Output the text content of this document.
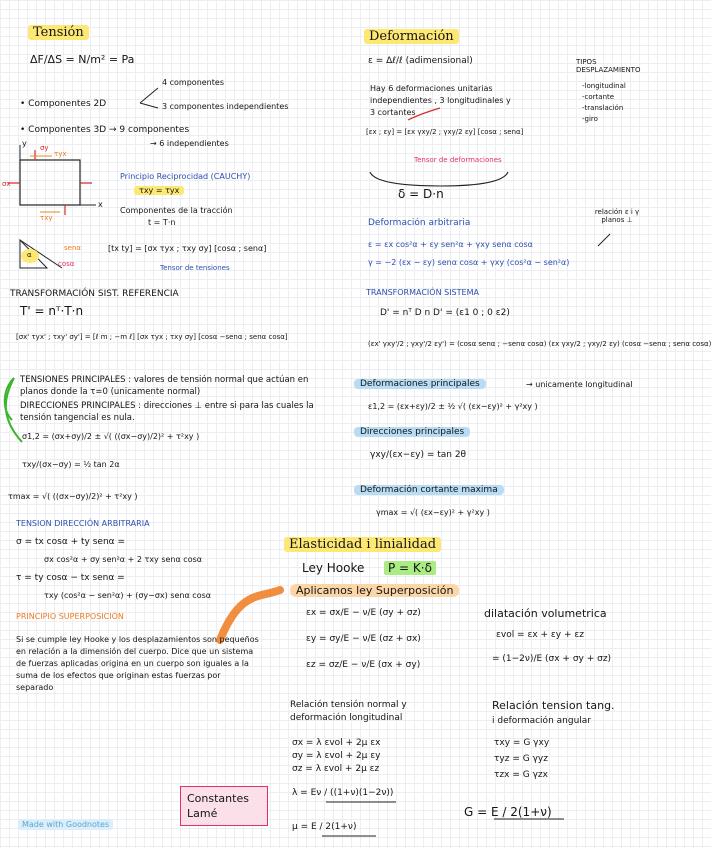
Tensión
ΔF/ΔS = N/m² = Pa
• Componentes 2D
4 componentes
3 componentes independientes
• Componentes 3D → 9 componentes
→ 6 independientes
σx
σy
τyx
τxy
x
y
Principio Reciprocidad (CAUCHY)
τxy = τyx
Componentes de la tracción
t = T·n
[tx ty] = [σx τyx ; τxy σy] [cosα ; senα]
Tensor de tensiones
senα
cosα
α
TRANSFORMACIÓN SIST. REFERENCIA
T' = nᵀ·T·n
[σx' τyx' ; τxy' σy'] = [ℓ m ; −m ℓ] [σx τyx ; τxy σy] [cosα −senα ; senα cosα]
TENSIONES PRINCIPALES : valores de tensión normal que actúan en planos donde la τ=0 (unicamente normal)
DIRECCIONES PRINCIPALES : direcciones ⊥ entre si para las cuales la tensión tangencial es nula.
σ1,2 = (σx+σy)/2 ± √( ((σx−σy)/2)² + τ²xy )
τxy/(σx−σy) = ½ tan 2α
τmax = √( ((σx−σy)/2)² + τ²xy )
TENSION DIRECCIÓN ARBITRARIA
σ = tx cosα + ty senα =
σx cos²α + σy sen²α + 2 τxy senα cosα
τ = ty cosα − tx senα =
τxy (cos²α − sen²α) + (σy−σx) senα cosα
PRINCIPIO SUPERPOSICIÓN
Si se cumple ley Hooke y los desplazamientos son pequeños en relación a la dimensión del cuerpo. Dice que un sistema de fuerzas aplicadas origina en un cuerpo son iguales a la suma de los efectos que originan estas fuerzas por separado
Deformación
ε = Δℓ/ℓ (adimensional)
Hay 6 deformaciones unitarias
independientes , 3 longitudinales y
3 cortantes
TIPOS DESPLAZAMIENTO
-longitudinal
-cortante
-translación
-giro
[εx ; εy] = [εx γxy/2 ; γxy/2 εy] [cosα ; senα]
Tensor de deformaciones
δ = D·n
relación ε i γ planos ⊥
Deformación arbitraria
ε = εx cos²α + εy sen²α + γxy senα cosα
γ = −2 (εx − εy) senα cosα + γxy (cos²α − sen²α)
TRANSFORMACIÓN SISTEMA
D' = nᵀ D n D' = (ε1 0 ; 0 ε2)
(εx' γxy'/2 ; γxy'/2 εy') = (cosα senα ; −senα cosα) (εx γxy/2 ; γxy/2 εy) (cosα −senα ; senα cosα)
Deformaciones principales	→ unicamente longitudinal
ε1,2 = (εx+εy)/2 ± ½ √( (εx−εy)² + γ²xy )
Direcciones principales
γxy/(εx−εy) = tan 2θ
Deformación cortante maxima
γmax = √( (εx−εy)² + γ²xy )
Elasticidad i linialidad
Ley Hooke	P = K·δ
Aplicamos ley Superposición
εx = σx/E − ν/E (σy + σz)
εy = σy/E − ν/E (σz + σx)
εz = σz/E − ν/E (σx + σy)
dilatación volumetrica
εvol = εx + εy + εz
= (1−2ν)/E (σx + σy + σz)
Relación tensión normal y
deformación longitudinal
σx = λ εvol + 2μ εx
σy = λ εvol + 2μ εy
σz = λ εvol + 2μ εz
Relación tension tang.
i deformación angular
τxy = G γxy
τyz = G γyz
τzx = G γzx
Constantes Lamé
λ = Eν / ((1+ν)(1−2ν))
μ = E / 2(1+ν)
G = E / 2(1+ν)
Made with Goodnotes
